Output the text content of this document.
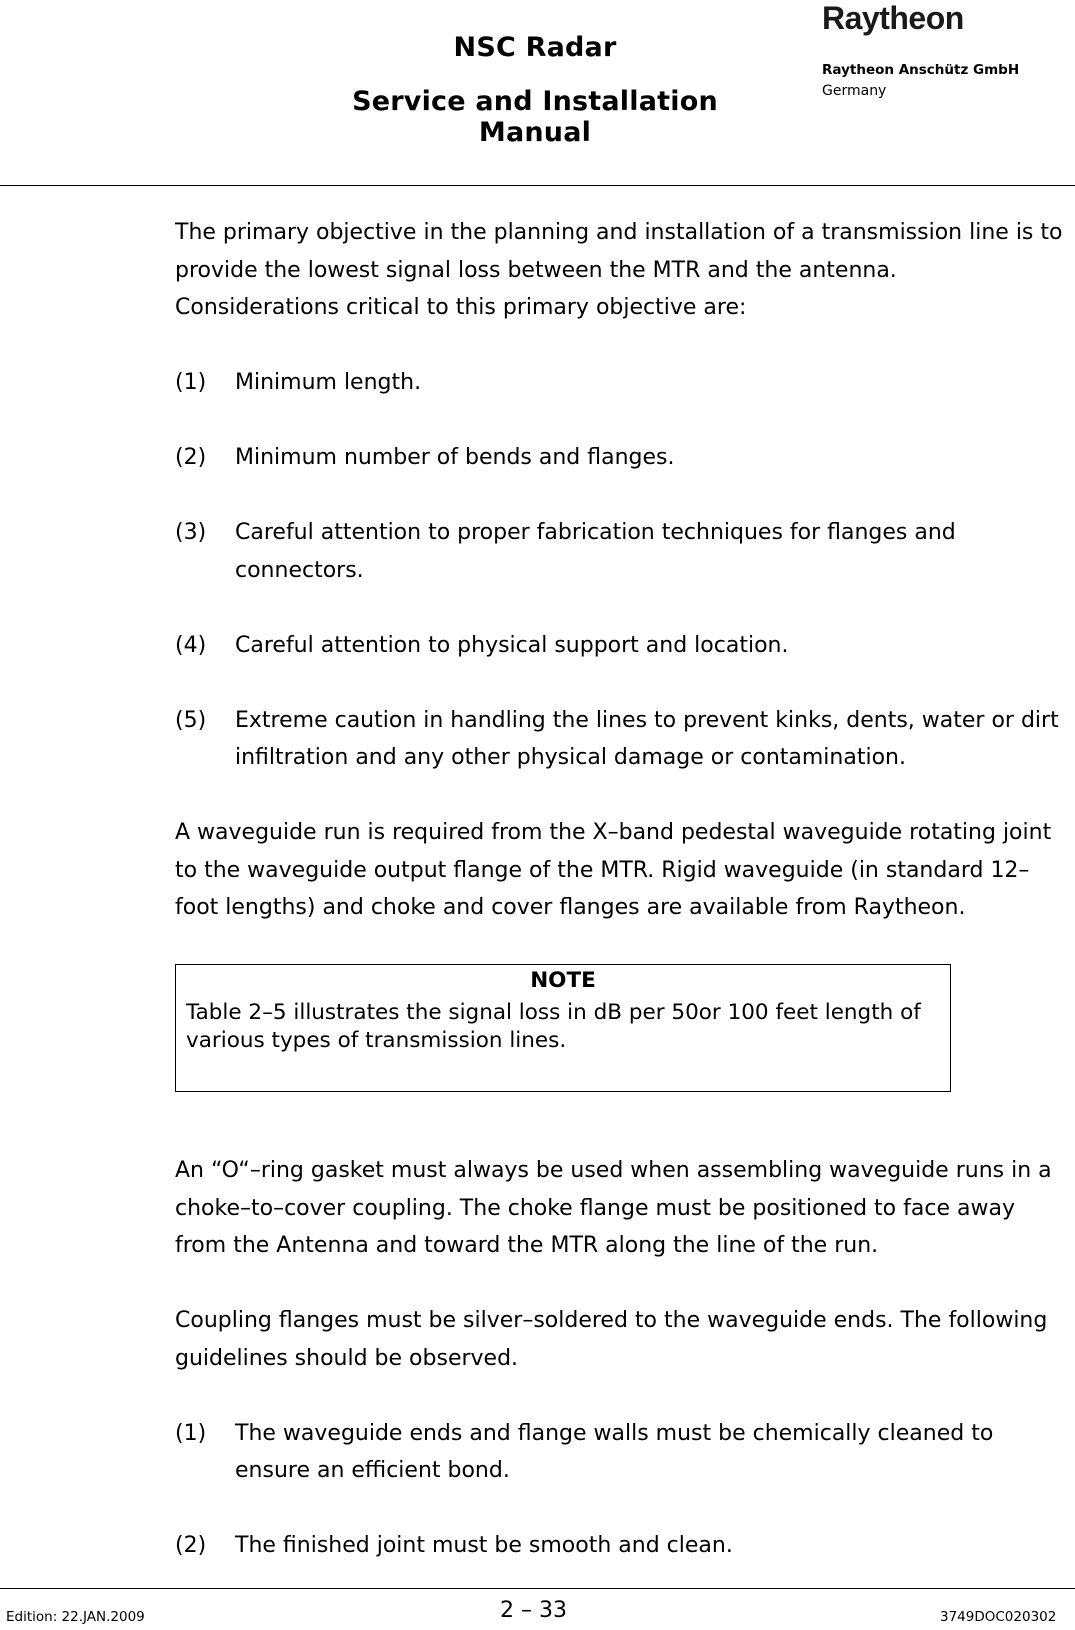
NSC Radar
Service and Installation Manual
Raytheon
Raytheon Anschütz GmbH
Germany

The primary objective in the planning and installation of a transmission line is to provide the lowest signal loss between the MTR and the antenna. Considerations critical to this primary objective are:

(1)	Minimum length.
(2)	Minimum number of bends and flanges.
(3)	Careful attention to proper fabrication techniques for flanges and connectors.
(4)	Careful attention to physical support and location.
(5)	Extreme caution in handling the lines to prevent kinks, dents, water or dirt infiltration and any other physical damage or contamination.

A waveguide run is required from the X–band pedestal waveguide rotating joint to the waveguide output flange of the MTR. Rigid waveguide (in standard 12–foot lengths) and choke and cover flanges are available from Raytheon.

NOTE
Table 2–5 illustrates the signal loss in dB per 50or 100 feet length of various types of transmission lines.

An “O“–ring gasket must always be used when assembling waveguide runs in a choke–to–cover coupling. The choke flange must be positioned to face away from the Antenna and toward the MTR along the line of the run.

Coupling flanges must be silver–soldered to the waveguide ends. The following guidelines should be observed.

(1)	The waveguide ends and flange walls must be chemically cleaned to ensure an efficient bond.
(2)	The finished joint must be smooth and clean.
Edition: 22.JAN.2009	2 – 33	3749DOC020302
